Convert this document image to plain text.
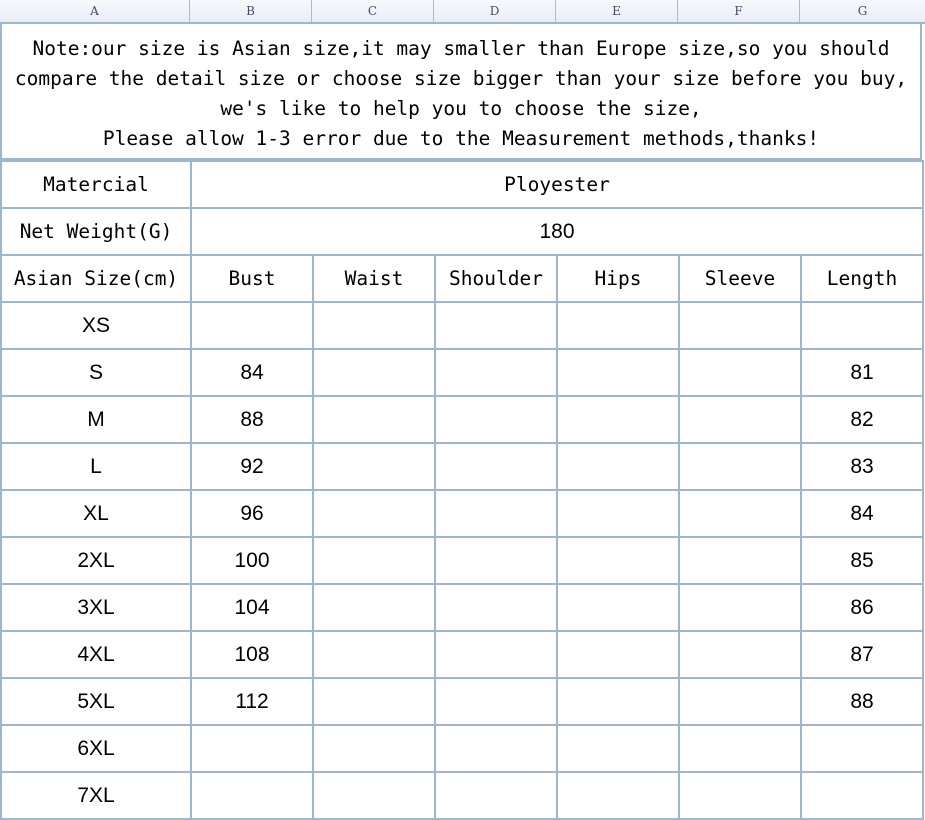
A	B	C	D	E	F	G
Note:our size is Asian size,it may smaller than Europe size,so you should
compare the detail size or choose size bigger than your size before you buy,
we's like to help you to choose the size,
Please allow 1-3 error due to the Measurement methods,thanks!
Matercial	Ployester					
Net Weight(G)	180					
Asian Size(cm)	Bust	Waist	Shoulder	Hips	Sleeve	Length
XS						
S	84					81
M	88					82
L	92					83
XL	96					84
2XL	100					85
3XL	104					86
4XL	108					87
5XL	112					88
6XL						
7XL						
